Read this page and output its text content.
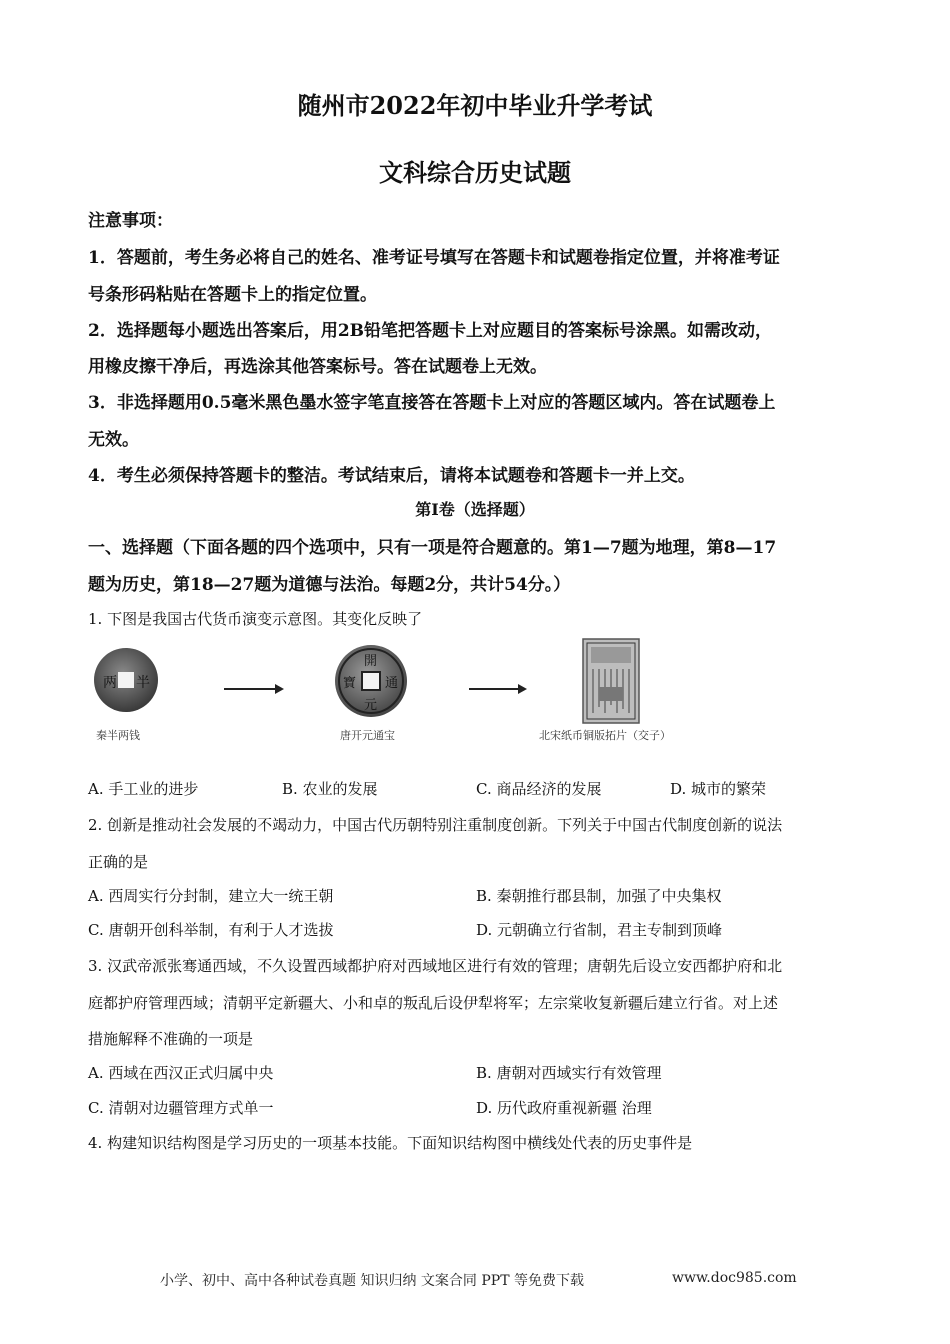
随州市2022年初中毕业升学考试
文科综合历史试题
注意事项：
1．答题前，考生务必将自己的姓名、准考证号填写在答题卡和试题卷指定位置，并将准考证
号条形码粘贴在答题卡上的指定位置。
2．选择题每小题选出答案后，用2B铅笔把答题卡上对应题目的答案标号涂黑。如需改动，
用橡皮擦干净后，再选涂其他答案标号。答在试题卷上无效。
3．非选择题用0.5毫米黑色墨水签字笔直接答在答题卡上对应的答题区域内。答在试题卷上
无效。
4．考生必须保持答题卡的整洁。考试结束后，请将本试题卷和答题卡一并上交。
第I卷（选择题）
一、选择题（下面各题的四个选项中，只有一项是符合题意的。第1—7题为地理，第8—17
题为历史，第18—27题为道德与法治。每题2分，共计54分。）
1. 下图是我国古代货币演变示意图。其变化反映了
两 半
秦半两钱
開
元
通
寶
唐开元通宝	北宋纸币铜版拓片（交子）
A. 手工业的进步	B. 农业的发展	C. 商品经济的发展	D. 城市的繁荣
2. 创新是推动社会发展的不竭动力，中国古代历朝特别注重制度创新。下列关于中国古代制度创新的说法
正确的是
A. 西周实行分封制，建立大一统王朝	B. 秦朝推行郡县制，加强了中央集权
C. 唐朝开创科举制，有利于人才选拔	D. 元朝确立行省制，君主专制到顶峰
3. 汉武帝派张骞通西域，不久设置西域都护府对西域地区进行有效的管理；唐朝先后设立安西都护府和北
庭都护府管理西域；清朝平定新疆大、小和卓的叛乱后设伊犁将军；左宗棠收复新疆后建立行省。对上述
措施解释不准确的一项是
A. 西域在西汉正式归属中央	B. 唐朝对西域实行有效管理
C. 清朝对边疆管理方式单一	D. 历代政府重视新疆 治理
4. 构建知识结构图是学习历史的一项基本技能。下面知识结构图中横线处代表的历史事件是
小学、初中、高中各种试卷真题 知识归纳 文案合同 PPT 等免费下载	www.doc985.com
